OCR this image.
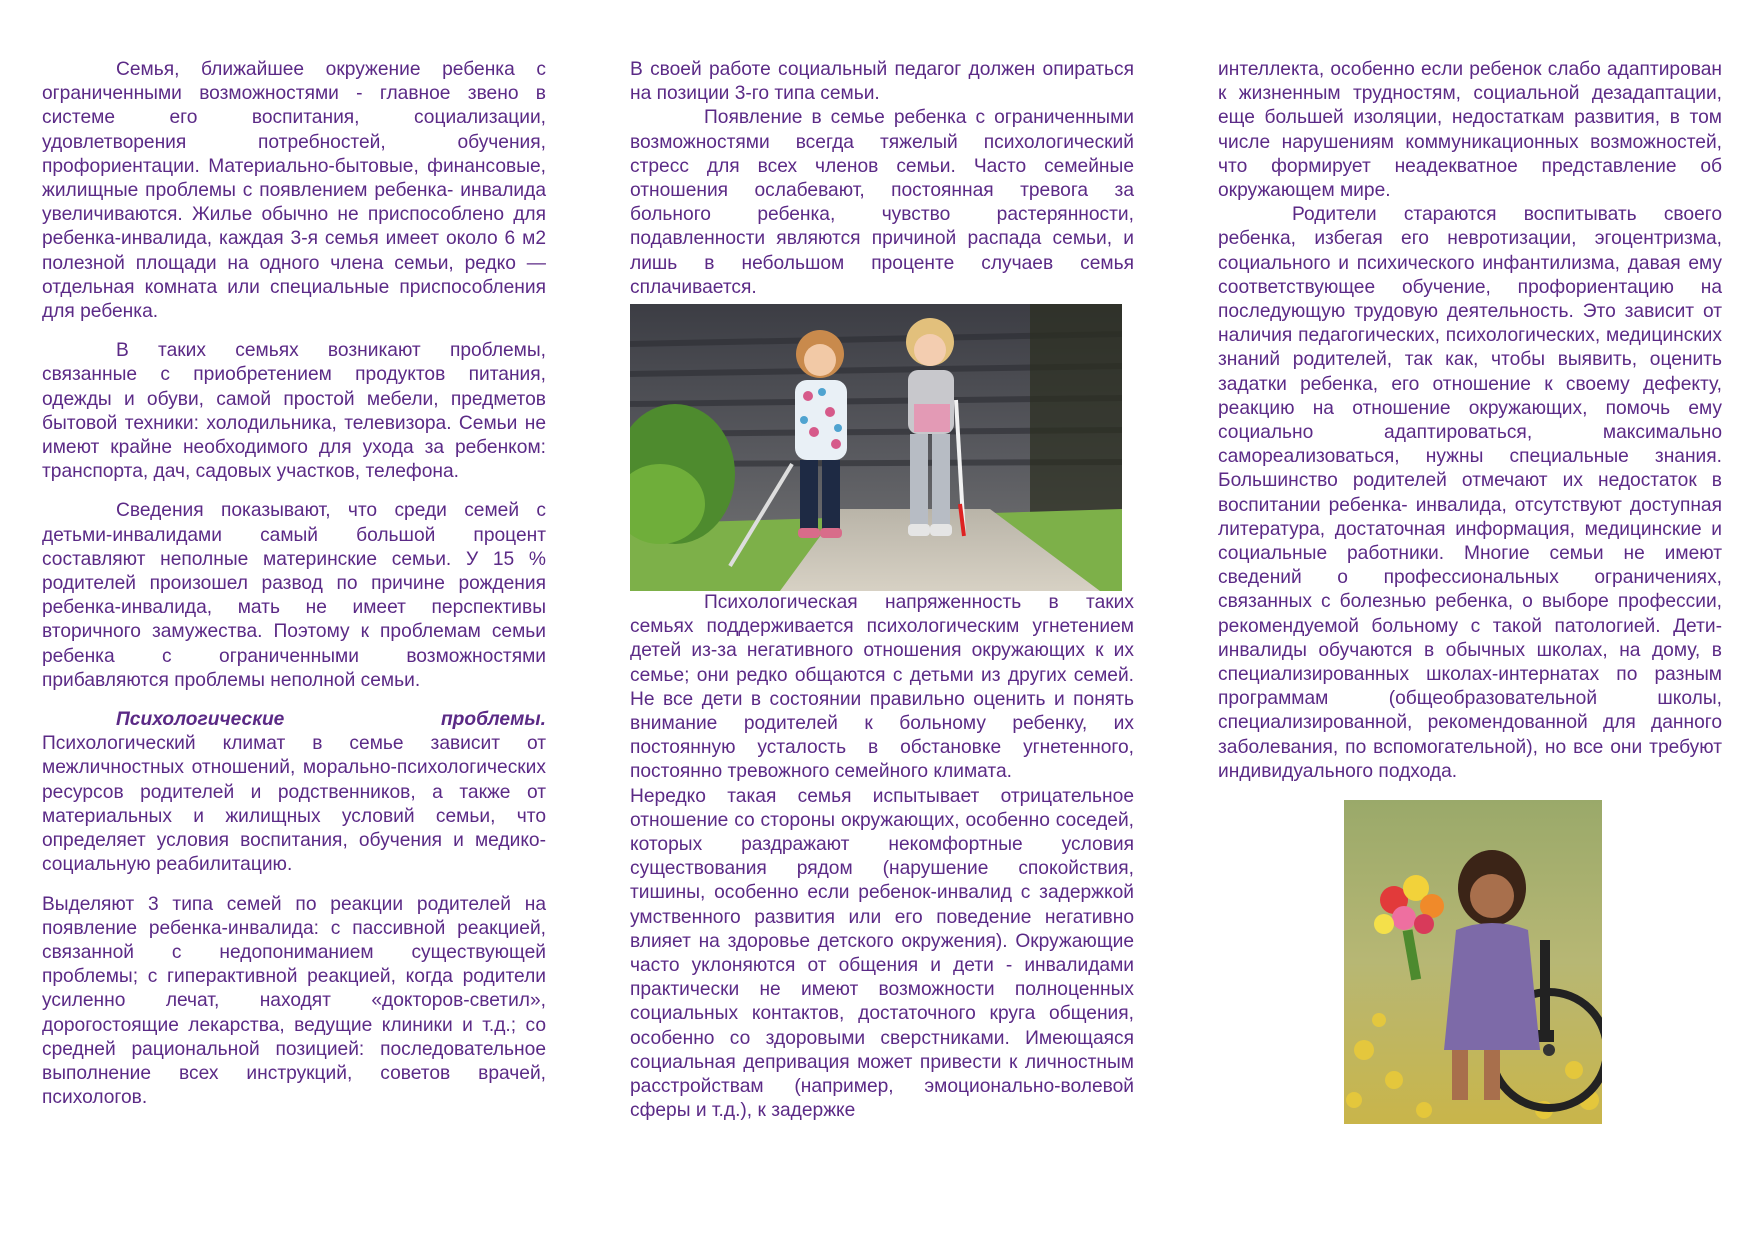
Семья, ближайшее окружение ребенка с ограниченными возможностями - главное звено в системе его воспитания, социализации, удовлетворения потребностей, обучения, профориентации. Материально-бытовые, финансовые, жилищные проблемы с появлением ребенка- инвалида увеличиваются. Жилье обычно не приспособлено для ребенка-инвалида, каждая 3-я семья имеет около 6 м2 полезной площади на одного члена семьи, редко — отдельная комната или специальные приспособления для ребенка.

В таких семьях возникают проблемы, связанные с приобретением продуктов питания, одежды и обуви, самой простой мебели, предметов бытовой техники: холодильника, телевизора. Семьи не имеют крайне необходимого для ухода за ребенком: транспорта, дач, садовых участков, телефона.

Сведения показывают, что среди семей с детьми-инвалидами самый большой процент составляют неполные материнские семьи. У 15 % родителей произошел развод по причине рождения ребенка-инвалида, мать не имеет перспективы вторичного замужества. Поэтому к проблемам семьи ребенка с ограниченными возможностями прибавляются проблемы неполной семьи.

Психологические проблемы.

Психологический климат в семье зависит от межличностных отношений, морально-психологических ресурсов родителей и родственников, а также от материальных и жилищных условий семьи, что определяет условия воспитания, обучения и медико-социальную реабилитацию.

Выделяют 3 типа семей по реакции родителей на появление ребенка-инвалида: с пассивной реакцией, связанной с недопониманием существующей проблемы; с гиперактивной реакцией, когда родители усиленно лечат, находят «докторов-светил», дорогостоящие лекарства, ведущие клиники и т.д.; со средней рациональной позицией: последовательное выполнение всех инструкций, советов врачей, психологов.

В своей работе социальный педагог должен опираться на позиции 3-го типа семьи.

Появление в семье ребенка с ограниченными возможностями всегда тяжелый психологический стресс для всех членов семьи. Часто семейные отношения ослабевают, постоянная тревога за больного ребенка, чувство растерянности, подавленности являются причиной распада семьи, и лишь в небольшом проценте случаев семья сплачивается.

Психологическая напряженность в таких семьях поддерживается психологическим угнетением детей из-за негативного отношения окружающих к их семье; они редко общаются с детьми из других семей. Не все дети в состоянии правильно оценить и понять внимание родителей к больному ребенку, их постоянную усталость в обстановке угнетенного, постоянно тревожного семейного климата.

Нередко такая семья испытывает отрицательное отношение со стороны окружающих, особенно соседей, которых раздражают некомфортные условия существования рядом (нарушение спокойствия, тишины, особенно если ребенок-инвалид с задержкой умственного развития или его поведение негативно влияет на здоровье детского окружения). Окружающие часто уклоняются от общения и дети - инвалидами практически не имеют возможности полноценных социальных контактов, достаточного круга общения, особенно со здоровыми сверстниками. Имеющаяся социальная депривация может привести к личностным расстройствам (например, эмоционально-волевой сферы и т.д.), к задержке

интеллекта, особенно если ребенок слабо адаптирован к жизненным трудностям, социальной дезадаптации, еще большей изоляции, недостаткам развития, в том числе нарушениям коммуникационных возможностей, что формирует неадекватное представление об окружающем мире.

Родители стараются воспитывать своего ребенка, избегая его невротизации, эгоцентризма, социального и психического инфантилизма, давая ему соответствующее обучение, профориентацию на последующую трудовую деятельность. Это зависит от наличия педагогических, психологических, медицинских знаний родителей, так как, чтобы выявить, оценить задатки ребенка, его отношение к своему дефекту, реакцию на отношение окружающих, помочь ему социально адаптироваться, максимально самореализоваться, нужны специальные знания. Большинство родителей отмечают их недостаток в воспитании ребенка- инвалида, отсутствуют доступная литература, достаточная информация, медицинские и социальные работники. Многие семьи не имеют сведений о профессиональных ограничениях, связанных с болезнью ребенка, о выборе профессии, рекомендуемой больному с такой патологией. Дети- инвалиды обучаются в обычных школах, на дому, в специализированных школах-интернатах по разным программам (общеобразовательной школы, специализированной, рекомендованной для данного заболевания, по вспомогательной), но все они требуют индивидуального подхода.
